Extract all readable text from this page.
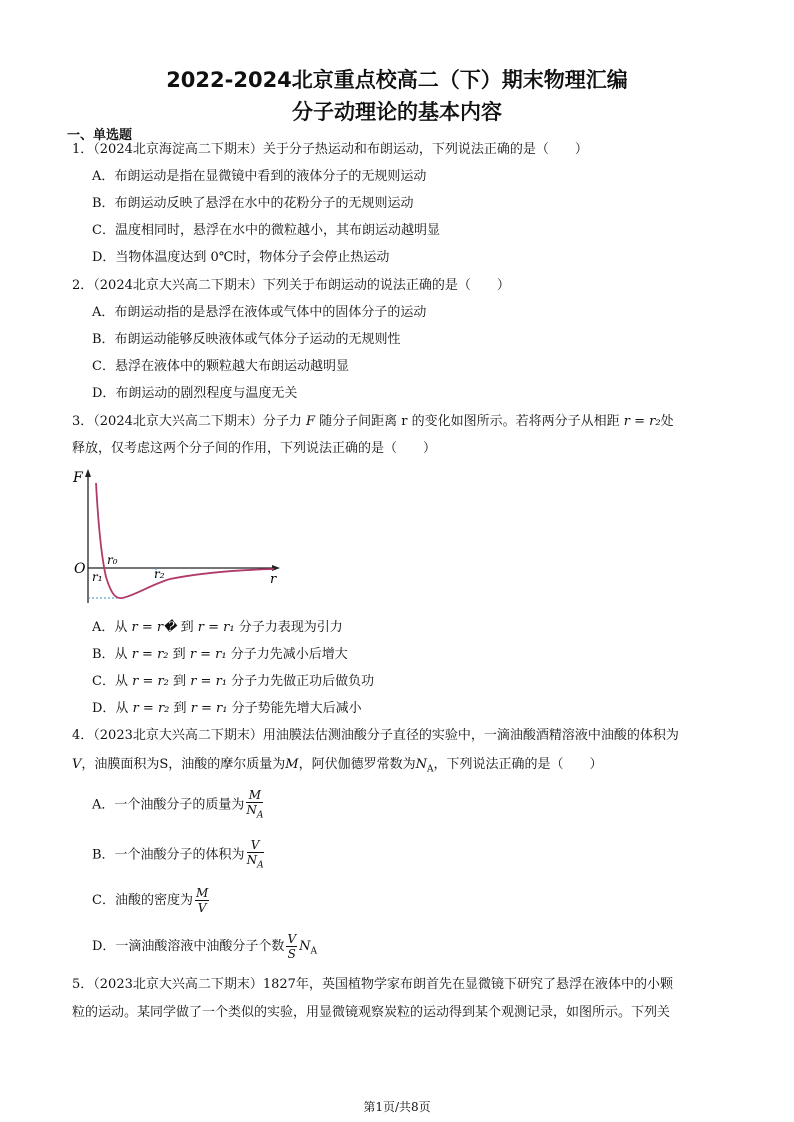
2022-2024北京重点校高二（下）期末物理汇编
分子动理论的基本内容
一、单选题
1．（2024北京海淀高二下期末）关于分子热运动和布朗运动，下列说法正确的是（　　）
A．布朗运动是指在显微镜中看到的液体分子的无规则运动
B．布朗运动反映了悬浮在水中的花粉分子的无规则运动
C．温度相同时，悬浮在水中的微粒越小，其布朗运动越明显
D．当物体温度达到 0℃时，物体分子会停止热运动
2．（2024北京大兴高二下期末）下列关于布朗运动的说法正确的是（　　）
A．布朗运动指的是悬浮在液体或气体中的固体分子的运动
B．布朗运动能够反映液体或气体分子运动的无规则性
C．悬浮在液体中的颗粒越大布朗运动越明显
D．布朗运动的剧烈程度与温度无关
3．（2024北京大兴高二下期末）分子力 F 随分子间距离 r 的变化如图所示。若将两分子从相距 r = r₂处
释放，仅考虑这两个分子间的作用，下列说法正确的是（　　）
F
O
r
r₀
r₁	r₂
A．从 r = r� 到 r = r₁ 分子力表现为引力
B．从 r = r₂ 到 r = r₁ 分子力先减小后增大
C．从 r = r₂ 到 r = r₁ 分子力先做正功后做负功
D．从 r = r₂ 到 r = r₁ 分子势能先增大后减小
4．（2023北京大兴高二下期末）用油膜法估测油酸分子直径的实验中，一滴油酸酒精溶液中油酸的体积为
V，油膜面积为S，油酸的摩尔质量为M，阿伏伽德罗常数为$N_A$，下列说法正确的是（　　）
A．一个油酸分子的质量为 $\frac{M}{N_A}$
B．一个油酸分子的体积为 $\frac{V}{N_A}$
C．油酸的密度为 $\frac{M}{V}$
D．一滴油酸溶液中油酸分子个数 $\frac{V}{S} N_A$
5．（2023北京大兴高二下期末）1827年，英国植物学家布朗首先在显微镜下研究了悬浮在液体中的小颗
粒的运动。某同学做了一个类似的实验，用显微镜观察炭粒的运动得到某个观测记录，如图所示。下列关
第1页/共8页
